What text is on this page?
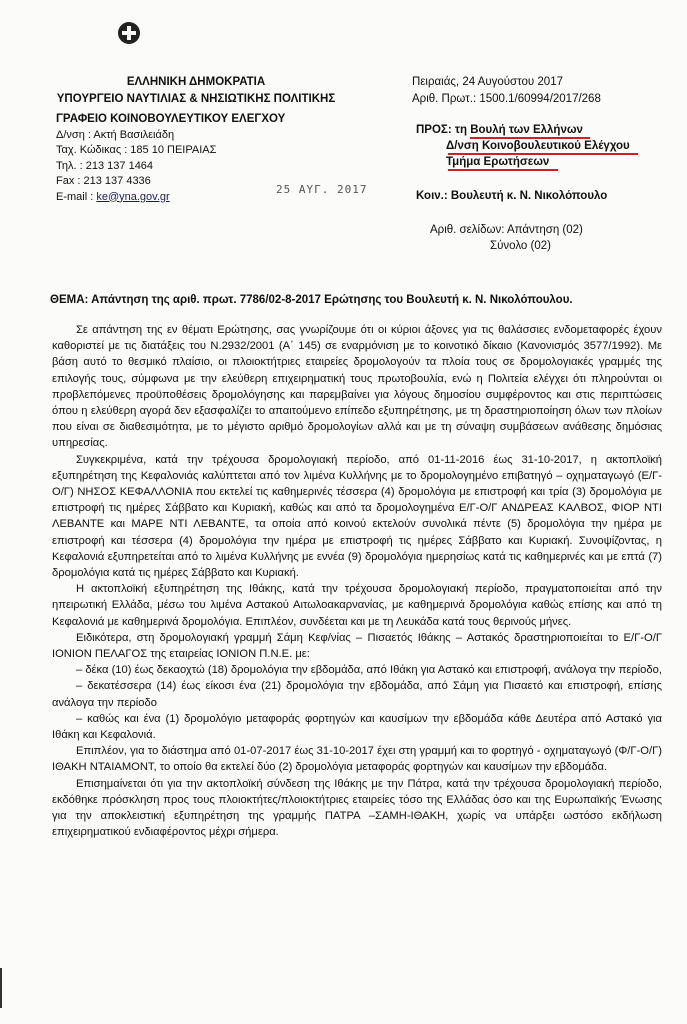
ΕΛΛΗΝΙΚΗ ΔΗΜΟΚΡΑΤΙΑ
ΥΠΟΥΡΓΕΙΟ ΝΑΥΤΙΛΙΑΣ & ΝΗΣΙΩΤΙΚΗΣ ΠΟΛΙΤΙΚΗΣ
ΓΡΑΦΕΙΟ ΚΟΙΝΟΒΟΥΛΕΥΤΙΚΟΥ ΕΛΕΓΧΟΥ
Δ/νση : Ακτή Βασιλειάδη
Ταχ. Κώδικας : 185 10 ΠΕΙΡΑΙΑΣ
Τηλ. : 213 137 1464
Fax : 213 137 4336
E-mail : ke@yna.gov.gr
25 ΑΥΓ. 2017
Πειραιάς, 24 Αυγούστου 2017
Αριθ. Πρωτ.: 1500.1/60994/2017/268
ΠΡΟΣ: τη Βουλή των Ελλήνων
Δ/νση Κοινοβουλευτικού Ελέγχου
Τμήμα Ερωτήσεων
Κοιν.: Βουλευτή κ. Ν. Νικολόπουλο
Αριθ. σελίδων: Απάντηση (02)
Σύνολο (02)
ΘΕΜΑ: Απάντηση της αριθ. πρωτ. 7786/02-8-2017 Ερώτησης του Βουλευτή κ. Ν. Νικολόπουλου.

Σε απάντηση της εν θέματι Ερώτησης, σας γνωρίζουμε ότι οι κύριοι άξονες για τις θαλάσσιες ενδομεταφορές έχουν καθοριστεί με τις διατάξεις του Ν.2932/2001 (Α΄ 145) σε εναρμόνιση με το κοινοτικό δίκαιο (Κανονισμός 3577/1992). Με βάση αυτό το θεσμικό πλαίσιο, οι πλοιοκτήτριες εταιρείες δρομολογούν τα πλοία τους σε δρομολογιακές γραμμές της επιλογής τους, σύμφωνα με την ελεύθερη επιχειρηματική τους πρωτοβουλία, ενώ η Πολιτεία ελέγχει ότι πληρούνται οι προβλεπόμενες προϋποθέσεις δρομολόγησης και παρεμβαίνει για λόγους δημοσίου συμφέροντος και στις περιπτώσεις όπου η ελεύθερη αγορά δεν εξασφαλίζει το απαιτούμενο επίπεδο εξυπηρέτησης, με τη δραστηριοποίηση όλων των πλοίων που είναι σε διαθεσιμότητα, με το μέγιστο αριθμό δρομολογίων αλλά και με τη σύναψη συμβάσεων ανάθεσης δημόσιας υπηρεσίας.

Συγκεκριμένα, κατά την τρέχουσα δρομολογιακή περίοδο, από 01-11-2016 έως 31-10-2017, η ακτοπλοϊκή εξυπηρέτηση της Κεφαλονιάς καλύπτεται από τον λιμένα Κυλλήνης με το δρομολογημένο επιβατηγό – οχηματαγωγό (Ε/Γ-Ο/Γ) ΝΗΣΟΣ ΚΕΦΑΛΛΟΝΙΑ που εκτελεί τις καθημερινές τέσσερα (4) δρομολόγια με επιστροφή και τρία (3) δρομολόγια με επιστροφή τις ημέρες Σάββατο και Κυριακή, καθώς και από τα δρομολογημένα Ε/Γ-Ο/Γ ΑΝΔΡΕΑΣ ΚΑΛΒΟΣ, ΦΙΟΡ ΝΤΙ ΛΕΒΑΝΤΕ και ΜΑΡΕ ΝΤΙ ΛΕΒΑΝΤΕ, τα οποία από κοινού εκτελούν συνολικά πέντε (5) δρομολόγια την ημέρα με επιστροφή και τέσσερα (4) δρομολόγια την ημέρα με επιστροφή τις ημέρες Σάββατο και Κυριακή. Συνοψίζοντας, η Κεφαλονιά εξυπηρετείται από το λιμένα Κυλλήνης με εννέα (9) δρομολόγια ημερησίως κατά τις καθημερινές και με επτά (7) δρομολόγια κατά τις ημέρες Σάββατο και Κυριακή.

Η ακτοπλοϊκή εξυπηρέτηση της Ιθάκης, κατά την τρέχουσα δρομολογιακή περίοδο, πραγματοποιείται από την ηπειρωτική Ελλάδα, μέσω του λιμένα Αστακού Αιτωλοακαρνανίας, με καθημερινά δρομολόγια καθώς επίσης και από τη Κεφαλονιά με καθημερινά δρομολόγια. Επιπλέον, συνδέεται και με τη Λευκάδα κατά τους θερινούς μήνες.

Ειδικότερα, στη δρομολογιακή γραμμή Σάμη Κεφ/νίας – Πισαετός Ιθάκης – Αστακός δραστηριοποιείται το Ε/Γ-Ο/Γ ΙΟΝΙΟΝ ΠΕΛΑΓΟΣ της εταιρείας ΙΟΝΙΟΝ Π.Ν.Ε. με:

– δέκα (10) έως δεκαοχτώ (18) δρομολόγια την εβδομάδα, από Ιθάκη για Αστακό και επιστροφή, ανάλογα την περίοδο,

– δεκατέσσερα (14) έως είκοσι ένα (21) δρομολόγια την εβδομάδα, από Σάμη για Πισαετό και επιστροφή, επίσης ανάλογα την περίοδο

– καθώς και ένα (1) δρομολόγιο μεταφοράς φορτηγών και καυσίμων την εβδομάδα κάθε Δευτέρα από Αστακό για Ιθάκη και Κεφαλονιά.

Επιπλέον, για το διάστημα από 01-07-2017 έως 31-10-2017 έχει στη γραμμή και το φορτηγό - οχηματαγωγό (Φ/Γ-Ο/Γ) ΙΘΑΚΗ ΝΤΑΙΑΜΟΝΤ, το οποίο θα εκτελεί δύο (2) δρομολόγια μεταφοράς φορτηγών και καυσίμων την εβδομάδα.

Επισημαίνεται ότι για την ακτοπλοϊκή σύνδεση της Ιθάκης με την Πάτρα, κατά την τρέχουσα δρομολογιακή περίοδο, εκδόθηκε πρόσκληση προς τους πλοιοκτήτες/πλοιοκτήτριες εταιρείες τόσο της Ελλάδας όσο και της Ευρωπαϊκής Ένωσης για την αποκλειστική εξυπηρέτηση της γραμμής ΠΑΤΡΑ –ΣΑΜΗ-ΙΘΑΚΗ, χωρίς να υπάρξει ωστόσο εκδήλωση επιχειρηματικού ενδιαφέροντος μέχρι σήμερα.
